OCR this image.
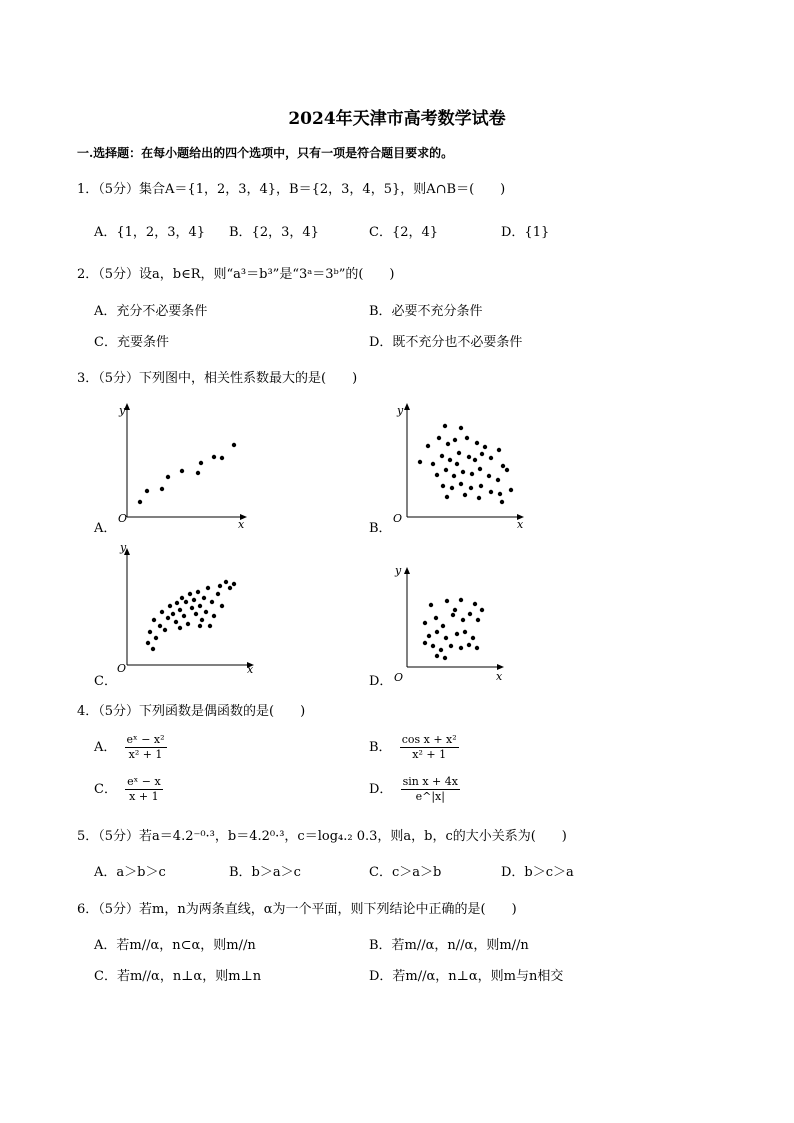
2024年天津市高考数学试卷
一.选择题：在每小题给出的四个选项中，只有一项是符合题目要求的。
1．（5分）集合A＝{1，2，3，4}，B＝{2，3，4，5}，则A∩B＝(　　)
A．{1，2，3，4} B．{2，3，4}	C．{2，4}	D．{1}
2．（5分）设a，b∈R，则“a³＝b³”是“3ᵃ＝3ᵇ”的(　　)
A．充分不必要条件	B．必要不充分条件
C．充要条件	D．既不充分也不必要条件
3．（5分）下列图中，相关性系数最大的是(　　)
A．	B．
C．	D．
y
x
O
y
x
O
y
x
O
y
x
O
4．（5分）下列函数是偶函数的是(　　)
A． $\frac{\text{eˣ − x²}}{\text{x² + 1}}$	B． $\frac{\text{cos x + x²}}{\text{x² + 1}}$
C． $\frac{\text{eˣ − x}}{x + 1}$	D． $\frac{\text{sin x + 4x}}{e\^{}|x|}$
5．（5分）若a＝4.2⁻⁰·³，b＝4.2⁰·³，c＝log₄.₂ 0.3，则a，b，c的大小关系为(　　)
A．a＞b＞c	B．b＞a＞c	C．c＞a＞b	D．b＞c＞a
6．（5分）若m，n为两条直线，α为一个平面，则下列结论中正确的是(　　)
A．若m//α，n⊂α，则m//n	B．若m//α，n//α，则m//n
C．若m//α，n⊥α，则m⊥n	D．若m//α，n⊥α，则m与n相交
